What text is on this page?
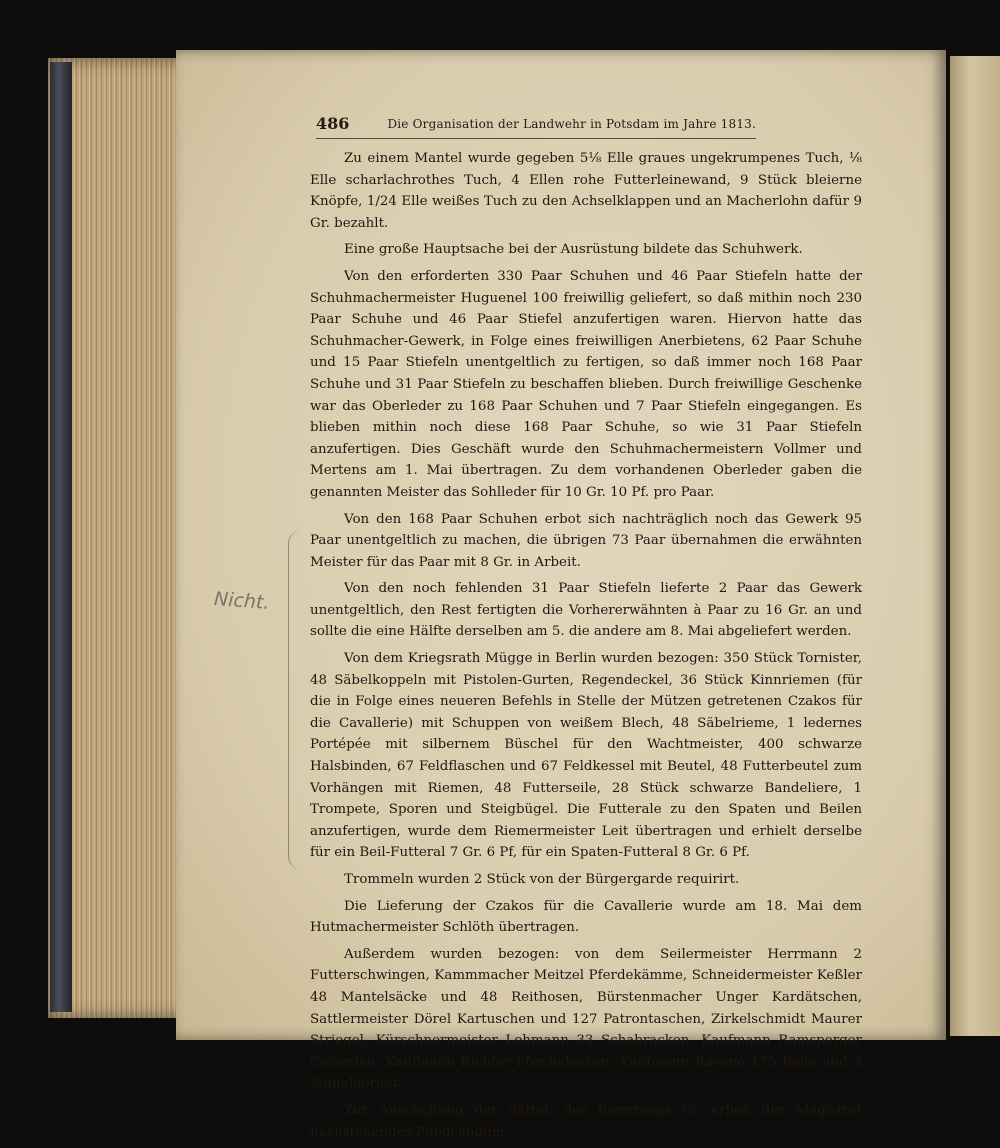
486	Die Organisation der Landwehr in Potsdam im Jahre 1813.
Nicht.

Zu einem Mantel wurde gegeben 5⅛ Elle graues ungekrumpenes Tuch, ⅛ Elle scharlachrothes Tuch, 4 Ellen rohe Futterleinewand, 9 Stück bleierne Knöpfe, 1/24 Elle weißes Tuch zu den Achselklappen und an Macherlohn dafür 9 Gr. bezahlt.

Eine große Hauptsache bei der Ausrüstung bildete das Schuhwerk.

Von den erforderten 330 Paar Schuhen und 46 Paar Stiefeln hatte der Schuhmachermeister Huguenel 100 freiwillig geliefert, so daß mithin noch 230 Paar Schuhe und 46 Paar Stiefel anzufertigen waren. Hiervon hatte das Schuhmacher-Gewerk, in Folge eines freiwilligen Anerbietens, 62 Paar Schuhe und 15 Paar Stiefeln unentgeltlich zu fertigen, so daß immer noch 168 Paar Schuhe und 31 Paar Stiefeln zu beschaffen blieben. Durch freiwillige Geschenke war das Oberleder zu 168 Paar Schuhen und 7 Paar Stiefeln eingegangen. Es blieben mithin noch diese 168 Paar Schuhe, so wie 31 Paar Stiefeln anzufertigen. Dies Geschäft wurde den Schuhmachermeistern Vollmer und Mertens am 1. Mai übertragen. Zu dem vorhandenen Oberleder gaben die genannten Meister das Sohlleder für 10 Gr. 10 Pf. pro Paar.

Von den 168 Paar Schuhen erbot sich nachträglich noch das Gewerk 95 Paar unentgeltlich zu machen, die übrigen 73 Paar übernahmen die erwähnten Meister für das Paar mit 8 Gr. in Arbeit.

Von den noch fehlenden 31 Paar Stiefeln lieferte 2 Paar das Gewerk unentgeltlich, den Rest fertigten die Vorhererwähnten à Paar zu 16 Gr. an und sollte die eine Hälfte derselben am 5. die andere am 8. Mai abgeliefert werden.

Von dem Kriegsrath Mügge in Berlin wurden bezogen: 350 Stück Tornister, 48 Säbelkoppeln mit Pistolen-Gurten, Regendeckel, 36 Stück Kinnriemen (für die in Folge eines neueren Befehls in Stelle der Mützen getretenen Czakos für die Cavallerie) mit Schuppen von weißem Blech, 48 Säbelrieme, 1 ledernes Portépée mit silbernem Büschel für den Wachtmeister, 400 schwarze Halsbinden, 67 Feldflaschen und 67 Feldkessel mit Beutel, 48 Futterbeutel zum Vorhängen mit Riemen, 48 Futterseile, 28 Stück schwarze Bandeliere, 1 Trompete, Sporen und Steigbügel. Die Futterale zu den Spaten und Beilen anzufertigen, wurde dem Riemermeister Leit übertragen und erhielt derselbe für ein Beil-Futteral 7 Gr. 6 Pf, für ein Spaten-Futteral 8 Gr. 6 Pf.

Trommeln wurden 2 Stück von der Bürgergarde requirirt.

Die Lieferung der Czakos für die Cavallerie wurde am 18. Mai dem Hutmachermeister Schlöth übertragen.

Außerdem wurden bezogen: von dem Seilermeister Herrmann 2 Futterschwingen, Kammmacher Meitzel Pferdekämme, Schneidermeister Keßler 48 Mantelsäcke und 48 Reithosen, Bürstenmacher Unger Kardätschen, Sattlermeister Dörel Kartuschen und 127 Patrontaschen, Zirkelschmidt Maurer Striegel, Kürschnermeister Lehmann 33 Schabracken, Kaufmann Ramsperger Cocarden, Kaufmann Richter Pferdedecken, Kaufmann Ravené 175 Beile und 2 Signalhörner.

Zur Anschaffung der Sättel, des Riemzeugs rc. erließ der Magistrat nachstehendes Publicandum:
